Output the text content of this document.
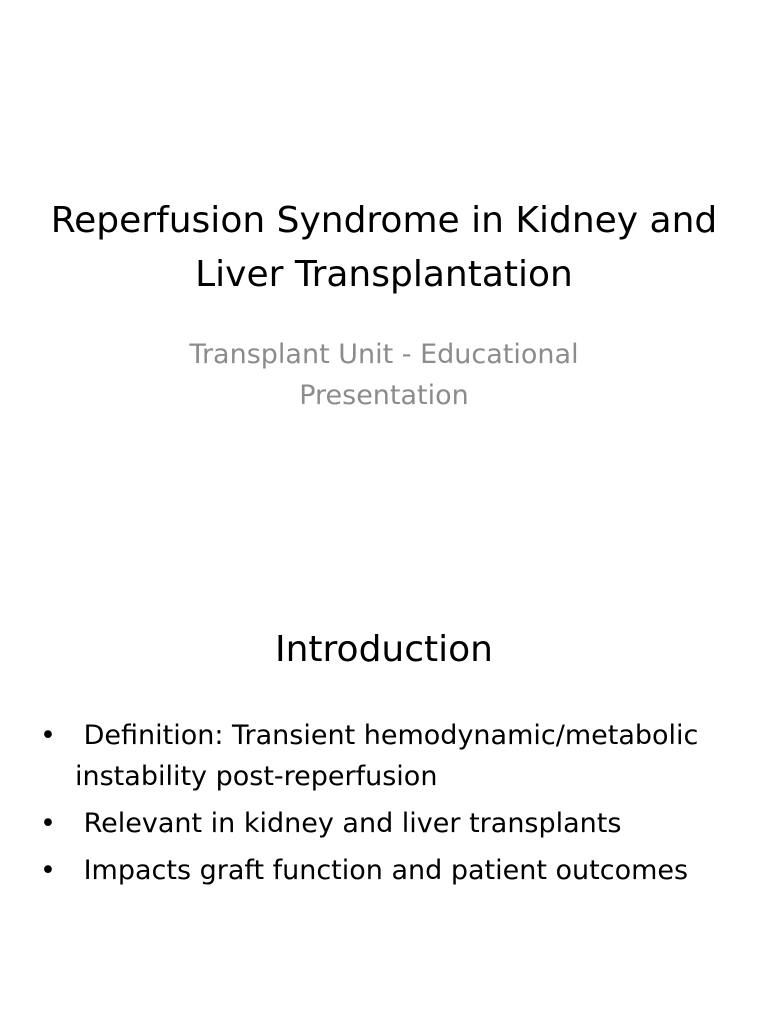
Reperfusion Syndrome in Kidney and Liver Transplantation

Transplant Unit - Educational Presentation

Introduction
• Definition: Transient hemodynamic/metabolic instability post-reperfusion
• Relevant in kidney and liver transplants
• Impacts graft function and patient outcomes
